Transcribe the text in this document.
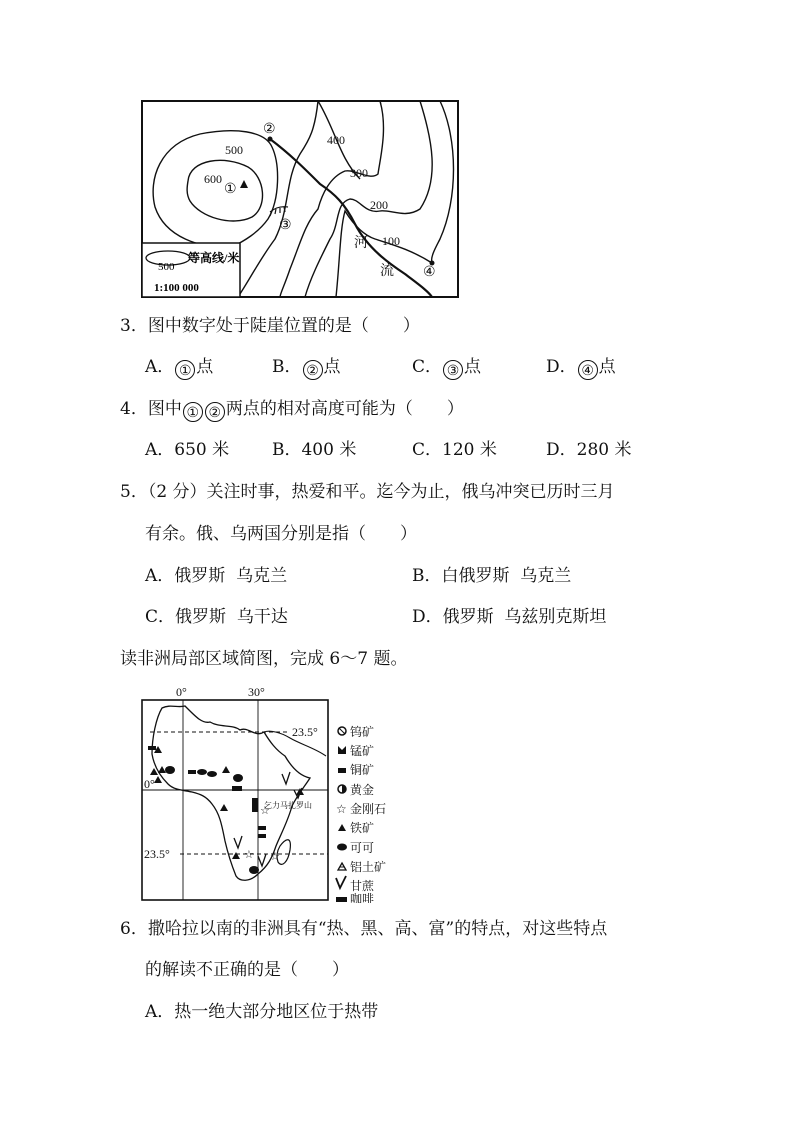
500
400
600	300
200
100
②
①
③
④
河
流
500
等高线/米
1:100 000
3．图中数字处于陡崖位置的是（　　）
A． ① 点	B． ② 点	C． ③ 点	D． ④ 点
4．图中 ① ② 两点的相对高度可能为（　　）
A．650 米	B．400 米	C．120 米	D．280 米
5．（2 分）关注时事，热爱和平。迄今为止，俄乌冲突已历时三月
有余。俄、乌两国分别是指（　　）
A．俄罗斯  乌克兰	B．白俄罗斯  乌克兰
C．俄罗斯  乌干达	D．俄罗斯  乌兹别克斯坦
读非洲局部区域简图，完成 6～7 题。
☆
☆
☆
0°	30°
23.5°
0°
23.5°
乞力马扎罗山
钨矿
锰矿
铜矿
黄金
☆ 金刚石
铁矿
可可
铝土矿
甘蔗
咖啡
6．撒哈拉以南的非洲具有“热、黑、高、富”的特点，对这些特点
的解读不正确的是（　　）
A．热一绝大部分地区位于热带
